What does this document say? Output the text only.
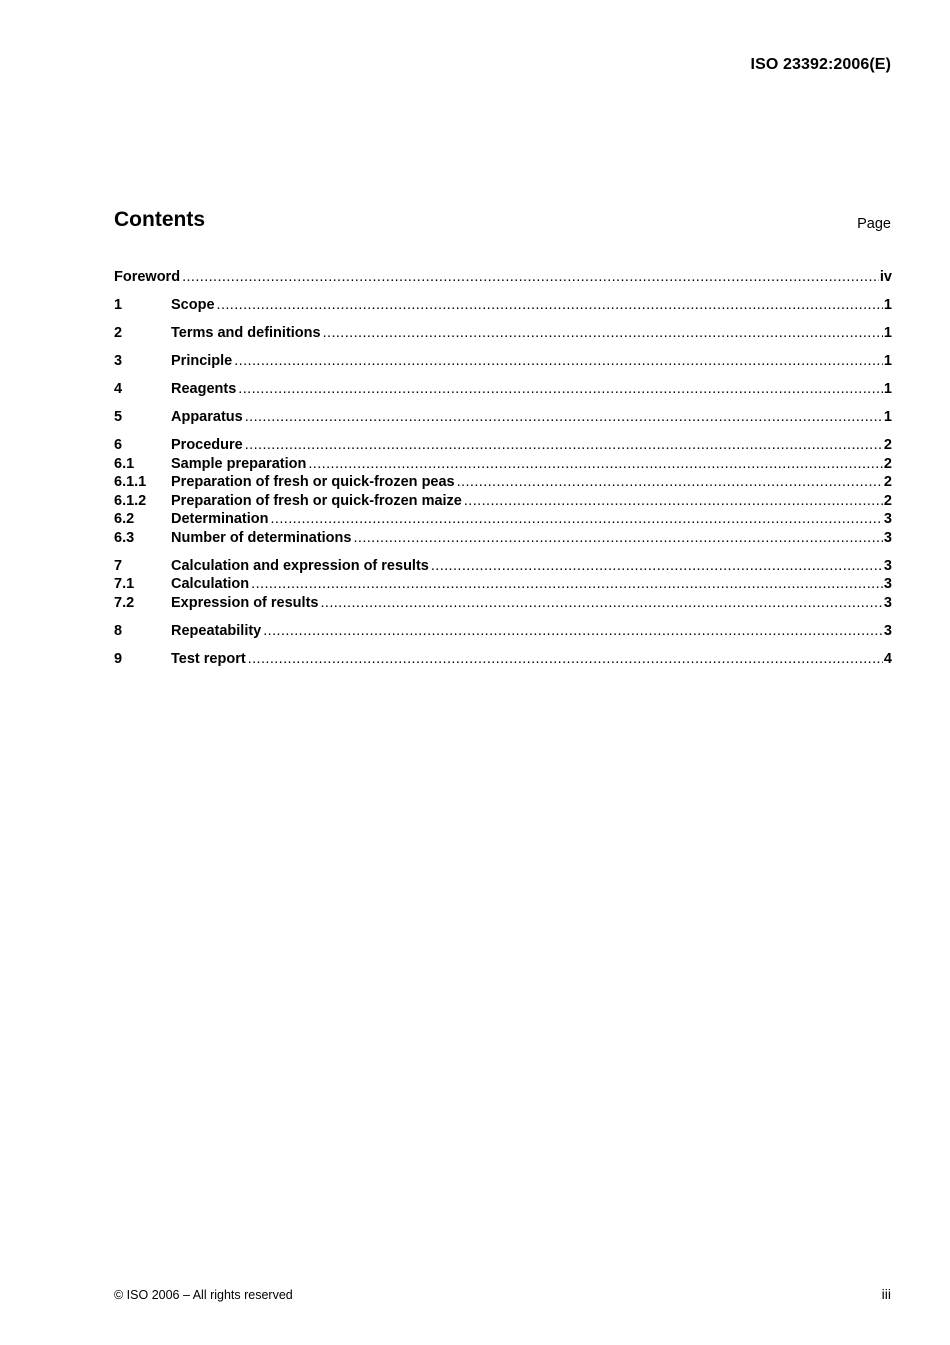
ISO 23392:2006(E)
Contents	Page
Foreword .....	iv
1	Scope .....	1
2	Terms and definitions .....	1
3	Principle .....	1
4	Reagents .....	1
5	Apparatus .....	1
6	Procedure .....	2
6.1	Sample preparation .....	2
6.1.1	Preparation of fresh or quick-frozen peas .....	2
6.1.2	Preparation of fresh or quick-frozen maize .....	2
6.2	Determination .....	3
6.3	Number of determinations .....	3
7	Calculation and expression of results .....	3
7.1	Calculation .....	3
7.2	Expression of results .....	3
8	Repeatability .....	3
9	Test report .....	4
© ISO 2006 – All rights reserved	iii
